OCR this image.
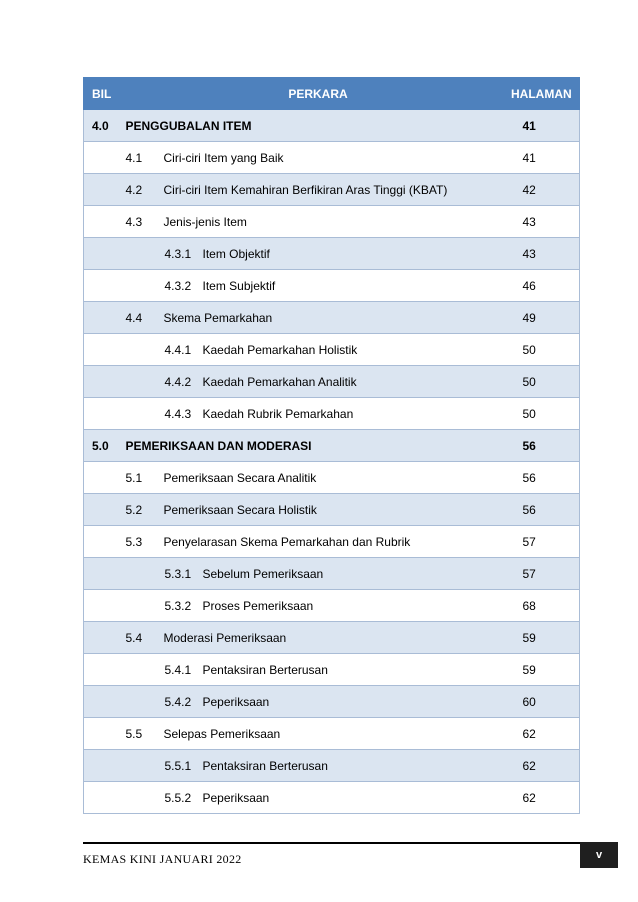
BIL	PERKARA	HALAMAN
4.0	PENGGUBALAN ITEM	41
	4.1 Ciri-ciri Item yang Baik	41
	4.2 Ciri-ciri Item Kemahiran Berfikiran Aras Tinggi (KBAT)	42
	4.3 Jenis-jenis Item	43
	4.3.1 Item Objektif	43
	4.3.2 Item Subjektif	46
	4.4 Skema Pemarkahan	49
	4.4.1 Kaedah Pemarkahan Holistik	50
	4.4.2 Kaedah Pemarkahan Analitik	50
	4.4.3 Kaedah Rubrik Pemarkahan	50
5.0	PEMERIKSAAN DAN MODERASI	56
	5.1 Pemeriksaan Secara Analitik	56
	5.2 Pemeriksaan Secara Holistik	56
	5.3 Penyelarasan Skema Pemarkahan dan Rubrik	57
	5.3.1 Sebelum Pemeriksaan	57
	5.3.2 Proses Pemeriksaan	68
	5.4 Moderasi Pemeriksaan	59
	5.4.1 Pentaksiran Berterusan	59
	5.4.2 Peperiksaan	60
	5.5 Selepas Pemeriksaan	62
	5.5.1 Pentaksiran Berterusan	62
	5.5.2 Peperiksaan	62
KEMAS KINI JANUARI 2022	v
